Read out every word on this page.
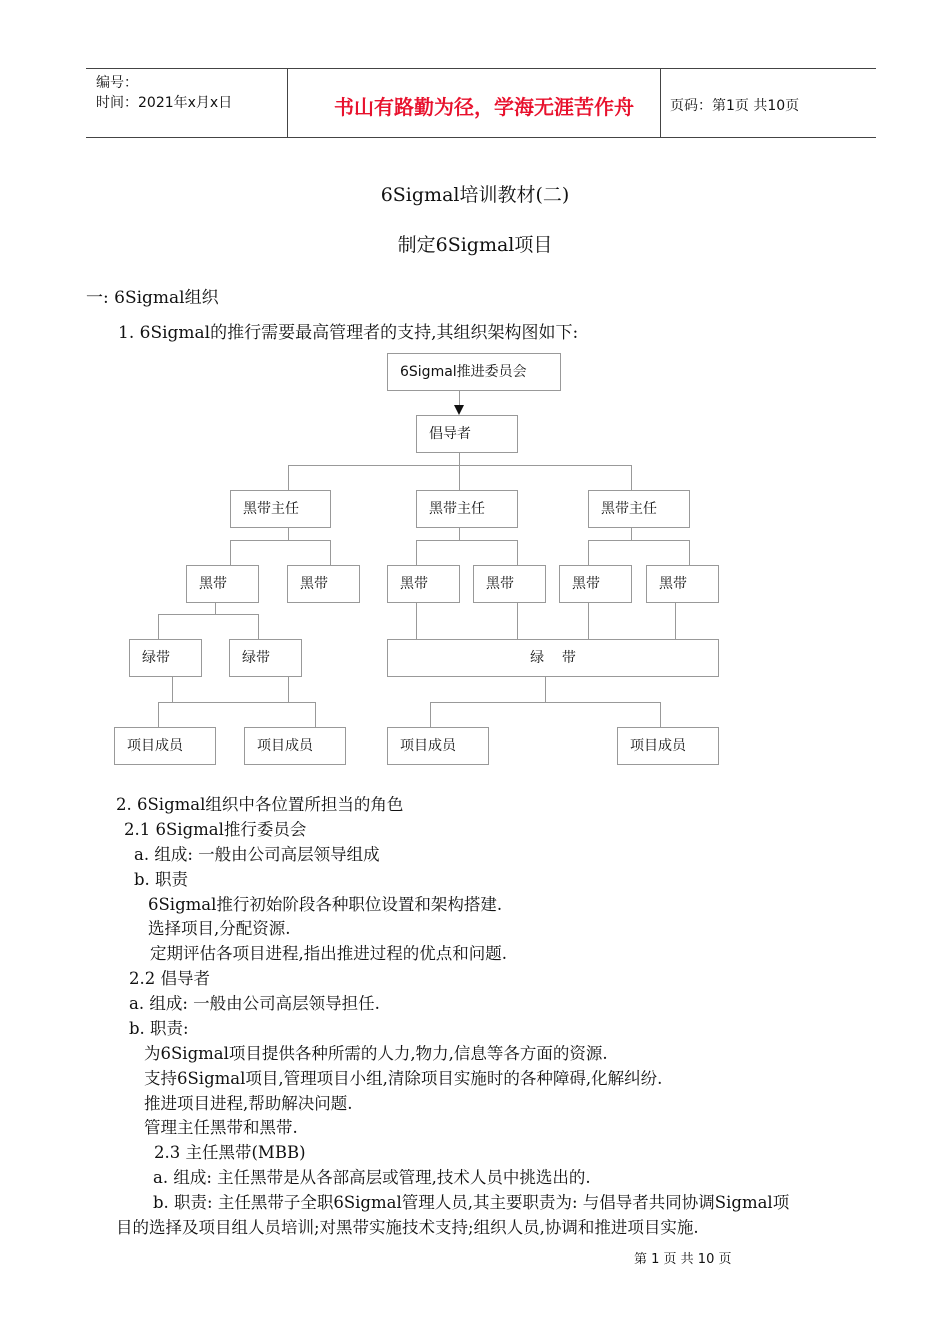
编号：
时间：2021年x月x日	书山有路勤为径，学海无涯苦作舟	页码：第1页 共10页
6Sigmal培训教材(二)
制定6Sigmal项目
一: 6Sigmal组织
1. 6Sigmal的推行需要最高管理者的支持,其组织架构图如下:
6Sigmal推进委员会
倡导者
黑带主任	黑带主任	黑带主任
黑带	黑带	黑带	黑带	黑带	黑带
绿带	绿带	绿    带
项目成员	项目成员	项目成员	项目成员
2. 6Sigmal组织中各位置所担当的角色
2.1 6Sigmal推行委员会
a. 组成: 一般由公司高层领导组成
b. 职责
6Sigmal推行初始阶段各种职位设置和架构搭建.
选择项目,分配资源.
定期评估各项目进程,指出推进过程的优点和问题.
2.2 倡导者
a. 组成: 一般由公司高层领导担任.
b. 职责:
为6Sigmal项目提供各种所需的人力,物力,信息等各方面的资源.
支持6Sigmal项目,管理项目小组,清除项目实施时的各种障碍,化解纠纷.
推进项目进程,帮助解决问题.
管理主任黑带和黑带.
2.3 主任黑带(MBB)
a. 组成: 主任黑带是从各部高层或管理,技术人员中挑选出的.
b. 职责: 主任黑带子全职6Sigmal管理人员,其主要职责为: 与倡导者共同协调Sigmal项
目的选择及项目组人员培训;对黑带实施技术支持;组织人员,协调和推进项目实施.
第 1 页 共 10 页
